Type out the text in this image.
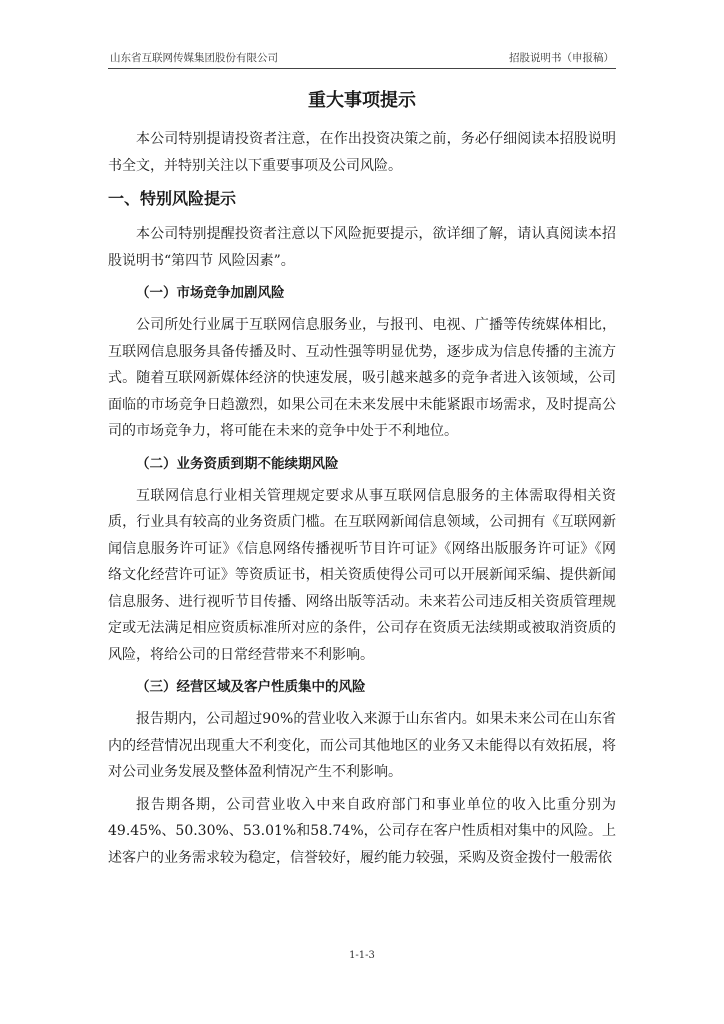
山东省互联网传媒集团股份有限公司	招股说明书（申报稿）
重大事项提示

本公司特别提请投资者注意，在作出投资决策之前，务必仔细阅读本招股说明书全文，并特别关注以下重要事项及公司风险。

一、特别风险提示

本公司特别提醒投资者注意以下风险扼要提示，欲详细了解，请认真阅读本招股说明书“第四节 风险因素”。

（一）市场竞争加剧风险

公司所处行业属于互联网信息服务业，与报刊、电视、广播等传统媒体相比，互联网信息服务具备传播及时、互动性强等明显优势，逐步成为信息传播的主流方式。随着互联网新媒体经济的快速发展，吸引越来越多的竞争者进入该领域，公司面临的市场竞争日趋激烈，如果公司在未来发展中未能紧跟市场需求，及时提高公司的市场竞争力，将可能在未来的竞争中处于不利地位。

（二）业务资质到期不能续期风险

互联网信息行业相关管理规定要求从事互联网信息服务的主体需取得相关资质，行业具有较高的业务资质门槛。在互联网新闻信息领域，公司拥有《互联网新闻信息服务许可证》《信息网络传播视听节目许可证》《网络出版服务许可证》《网络文化经营许可证》等资质证书，相关资质使得公司可以开展新闻采编、提供新闻信息服务、进行视听节目传播、网络出版等活动。未来若公司违反相关资质管理规定或无法满足相应资质标准所对应的条件，公司存在资质无法续期或被取消资质的风险，将给公司的日常经营带来不利影响。

（三）经营区域及客户性质集中的风险

报告期内，公司超过90%的营业收入来源于山东省内。如果未来公司在山东省内的经营情况出现重大不利变化，而公司其他地区的业务又未能得以有效拓展，将对公司业务发展及整体盈利情况产生不利影响。

报告期各期，公司营业收入中来自政府部门和事业单位的收入比重分别为49.45%、50.30%、53.01%和58.74%，公司存在客户性质相对集中的风险。上述客户的业务需求较为稳定，信誉较好，履约能力较强，采购及资金拨付一般需依

1-1-3
